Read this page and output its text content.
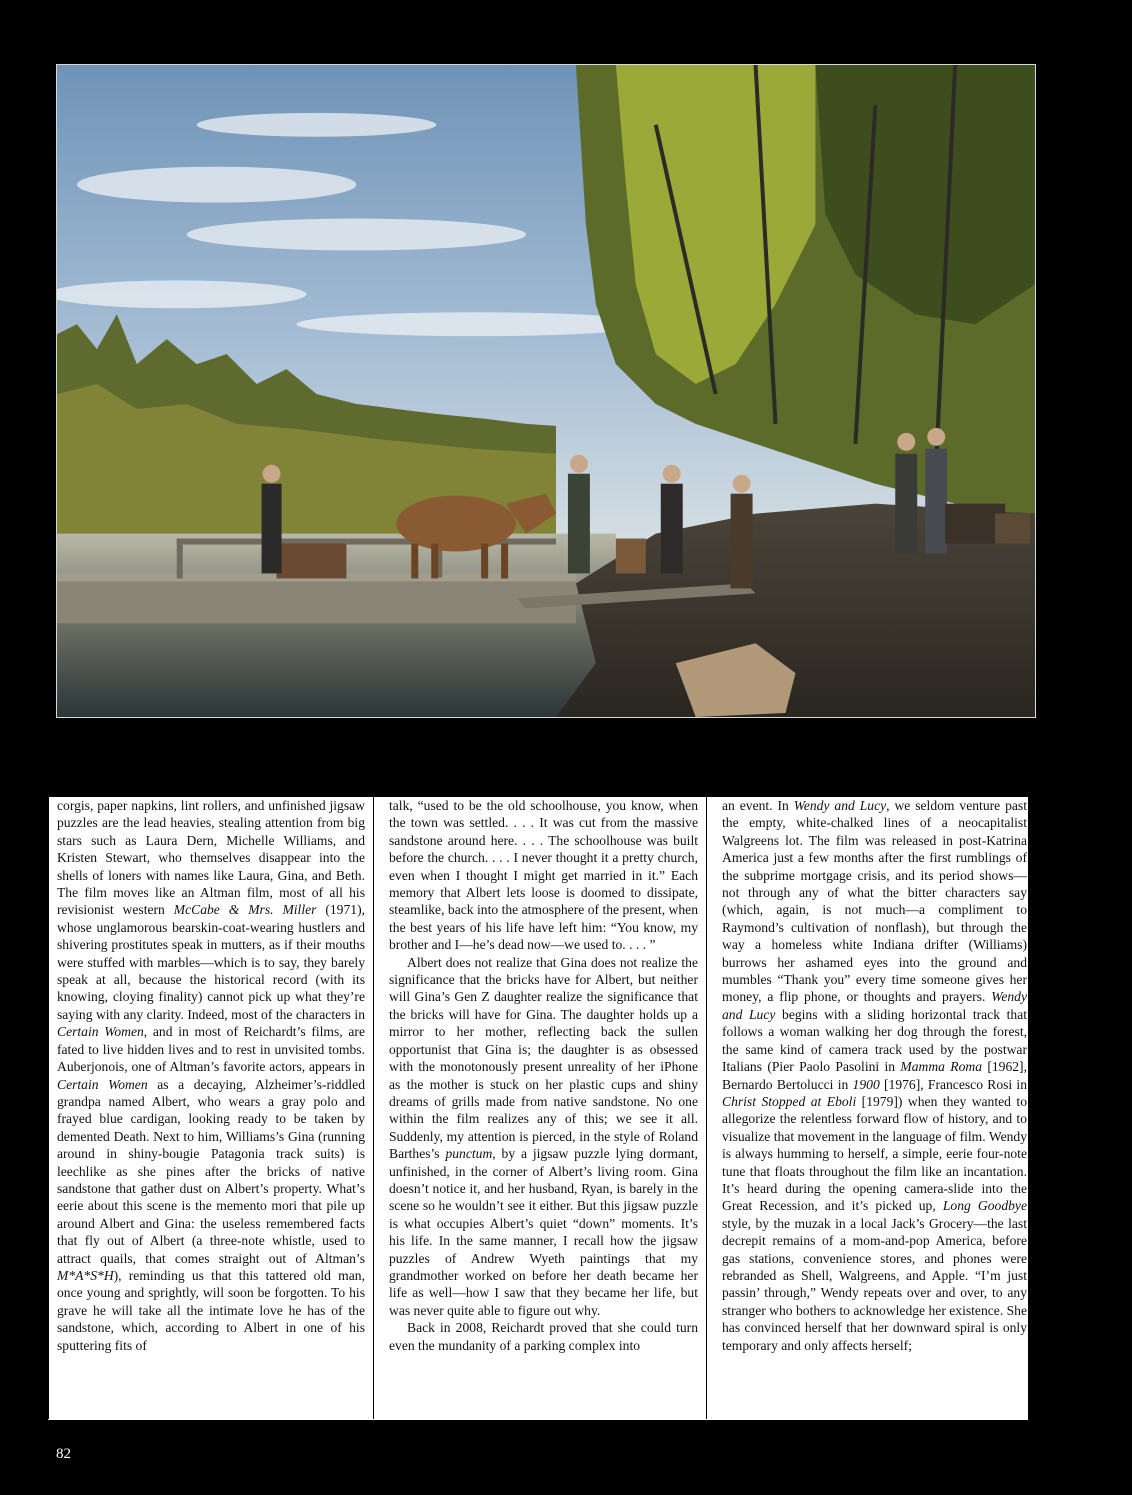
corgis, paper napkins, lint rollers, and unfinished jigsaw puzzles are the lead heavies, stealing attention from big stars such as Laura Dern, Michelle Williams, and Kristen Stewart, who themselves disappear into the shells of loners with names like Laura, Gina, and Beth. The film moves like an Altman film, most of all his revisionist western McCabe & Mrs. Miller (1971), whose unglamorous bearskin-coat-wearing hustlers and shivering prostitutes speak in mutters, as if their mouths were stuffed with marbles—which is to say, they barely speak at all, because the historical record (with its knowing, cloying finality) cannot pick up what they’re saying with any clarity. Indeed, most of the characters in Certain Women, and in most of Reichardt’s films, are fated to live hidden lives and to rest in unvisited tombs. Auberjonois, one of Altman’s favorite actors, appears in Certain Women as a decaying, Alzheimer’s-riddled grandpa named Albert, who wears a gray polo and frayed blue cardigan, looking ready to be taken by demented Death. Next to him, Williams’s Gina (running around in shiny-bougie Patagonia track suits) is leechlike as she pines after the bricks of native sandstone that gather dust on Albert’s property. What’s eerie about this scene is the memento mori that pile up around Albert and Gina: the useless remembered facts that fly out of Albert (a three-note whistle, used to attract quails, that comes straight out of Altman’s M*A*S*H), reminding us that this tattered old man, once young and sprightly, will soon be forgotten. To his grave he will take all the intimate love he has of the sandstone, which, according to Albert in one of his sputtering fits of

talk, “used to be the old schoolhouse, you know, when the town was settled. . . . It was cut from the massive sandstone around here. . . . The schoolhouse was built before the church. . . . I never thought it a pretty church, even when I thought I might get married in it.” Each memory that Albert lets loose is doomed to dissipate, steamlike, back into the atmosphere of the present, when the best years of his life have left him: “You know, my brother and I—he’s dead now—we used to. . . . ”

Albert does not realize that Gina does not realize the significance that the bricks have for Albert, but neither will Gina’s Gen Z daughter realize the significance that the bricks will have for Gina. The daughter holds up a mirror to her mother, reflecting back the sullen opportunist that Gina is; the daughter is as obsessed with the monotonously present unreality of her iPhone as the mother is stuck on her plastic cups and shiny dreams of grills made from native sandstone. No one within the film realizes any of this; we see it all. Suddenly, my attention is pierced, in the style of Roland Barthes’s punctum, by a jigsaw puzzle lying dormant, unfinished, in the corner of Albert’s living room. Gina doesn’t notice it, and her husband, Ryan, is barely in the scene so he wouldn’t see it either. But this jigsaw puzzle is what occupies Albert’s quiet “down” moments. It’s his life. In the same manner, I recall how the jigsaw puzzles of Andrew Wyeth paintings that my grandmother worked on before her death became her life as well—how I saw that they became her life, but was never quite able to figure out why.

Back in 2008, Reichardt proved that she could turn even the mundanity of a parking complex into

an event. In Wendy and Lucy, we seldom venture past the empty, white-chalked lines of a neocapitalist Walgreens lot. The film was released in post-Katrina America just a few months after the first rumblings of the subprime mortgage crisis, and its period shows—not through any of what the bitter characters say (which, again, is not much—a compliment to Raymond’s cultivation of nonflash), but through the way a homeless white Indiana drifter (Williams) burrows her ashamed eyes into the ground and mumbles “Thank you” every time someone gives her money, a flip phone, or thoughts and prayers. Wendy and Lucy begins with a sliding horizontal track that follows a woman walking her dog through the forest, the same kind of camera track used by the postwar Italians (Pier Paolo Pasolini in Mamma Roma [1962], Bernardo Bertolucci in 1900 [1976], Francesco Rosi in Christ Stopped at Eboli [1979]) when they wanted to allegorize the relentless forward flow of history, and to visualize that movement in the language of film. Wendy is always humming to herself, a simple, eerie four-note tune that floats throughout the film like an incantation. It’s heard during the opening camera-slide into the Great Recession, and it’s picked up, Long Goodbye style, by the muzak in a local Jack’s Grocery—the last decrepit remains of a mom-and-pop America, before gas stations, convenience stores, and phones were rebranded as Shell, Walgreens, and Apple. “I’m just passin’ through,” Wendy repeats over and over, to any stranger who bothers to acknowledge her existence. She has convinced herself that her downward spiral is only temporary and only affects herself;

82
